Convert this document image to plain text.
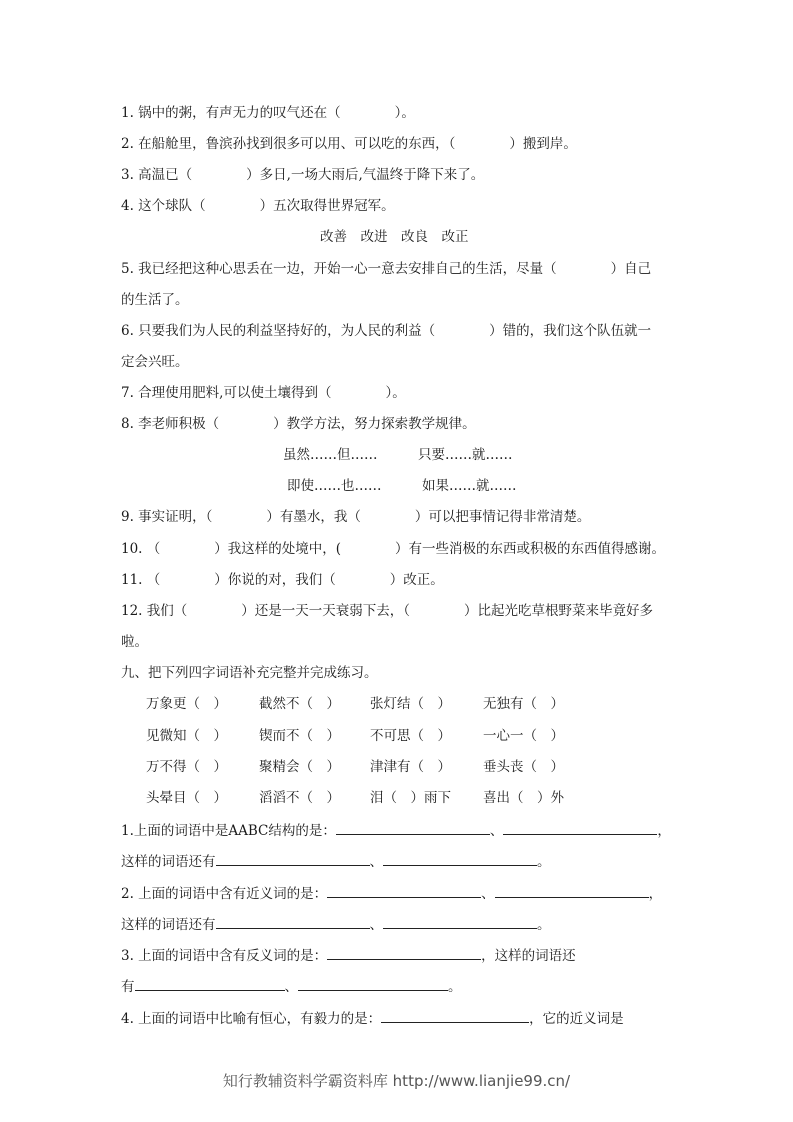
1. 锅中的粥，有声无力的叹气还在（　　　　）。
2. 在船舱里，鲁滨孙找到很多可以用、可以吃的东西，（　　　　）搬到岸。
3. 高温已（　　　　）多日,一场大雨后,气温终于降下来了。
4. 这个球队（　　　　）五次取得世界冠军。
改善　改进　改良　改正
5. 我已经把这种心思丢在一边，开始一心一意去安排自己的生活，尽量（　　　　）自己
的生活了。
6. 只要我们为人民的利益坚持好的，为人民的利益（　　　　）错的，我们这个队伍就一
定会兴旺。
7. 合理使用肥料,可以使土壤得到（　　　　）。
8. 李老师积极（　　　　）教学方法，努力探索教学规律。
虽然……但……　　　只要……就……
即使……也……　　　如果……就……
9. 事实证明，（　　　　）有墨水，我（　　　　）可以把事情记得非常清楚。
10. （　　　　）我这样的处境中，(　　　　）有一些消极的东西或积极的东西值得感谢。
11. （　　　　）你说的对，我们（　　　　）改正。
12. 我们（　　　　）还是一天一天衰弱下去，（　　　　）比起光吃草根野菜来毕竟好多
啦。
九、把下列四字词语补充完整并完成练习。
万象更（　） 截然不（　） 张灯结（　） 无独有（　）
见微知（　） 锲而不（　） 不可思（　） 一心一（　）
万不得（　） 聚精会（　） 津津有（　） 垂头丧（　）
头晕目（　） 滔滔不（　） 泪（　）雨下 喜出（　）外
1.上面的词语中是AABC结构的是：	、	，
这样的词语还有	、	。
2. 上面的词语中含有近义词的是：	、	，
这样的词语还有	、	。
3. 上面的词语中含有反义词的是：	，这样的词语还
有	、	。
4. 上面的词语中比喻有恒心，有毅力的是：	，它的近义词是
知行教辅资料学霸资料库 http://www.lianjie99.cn/
